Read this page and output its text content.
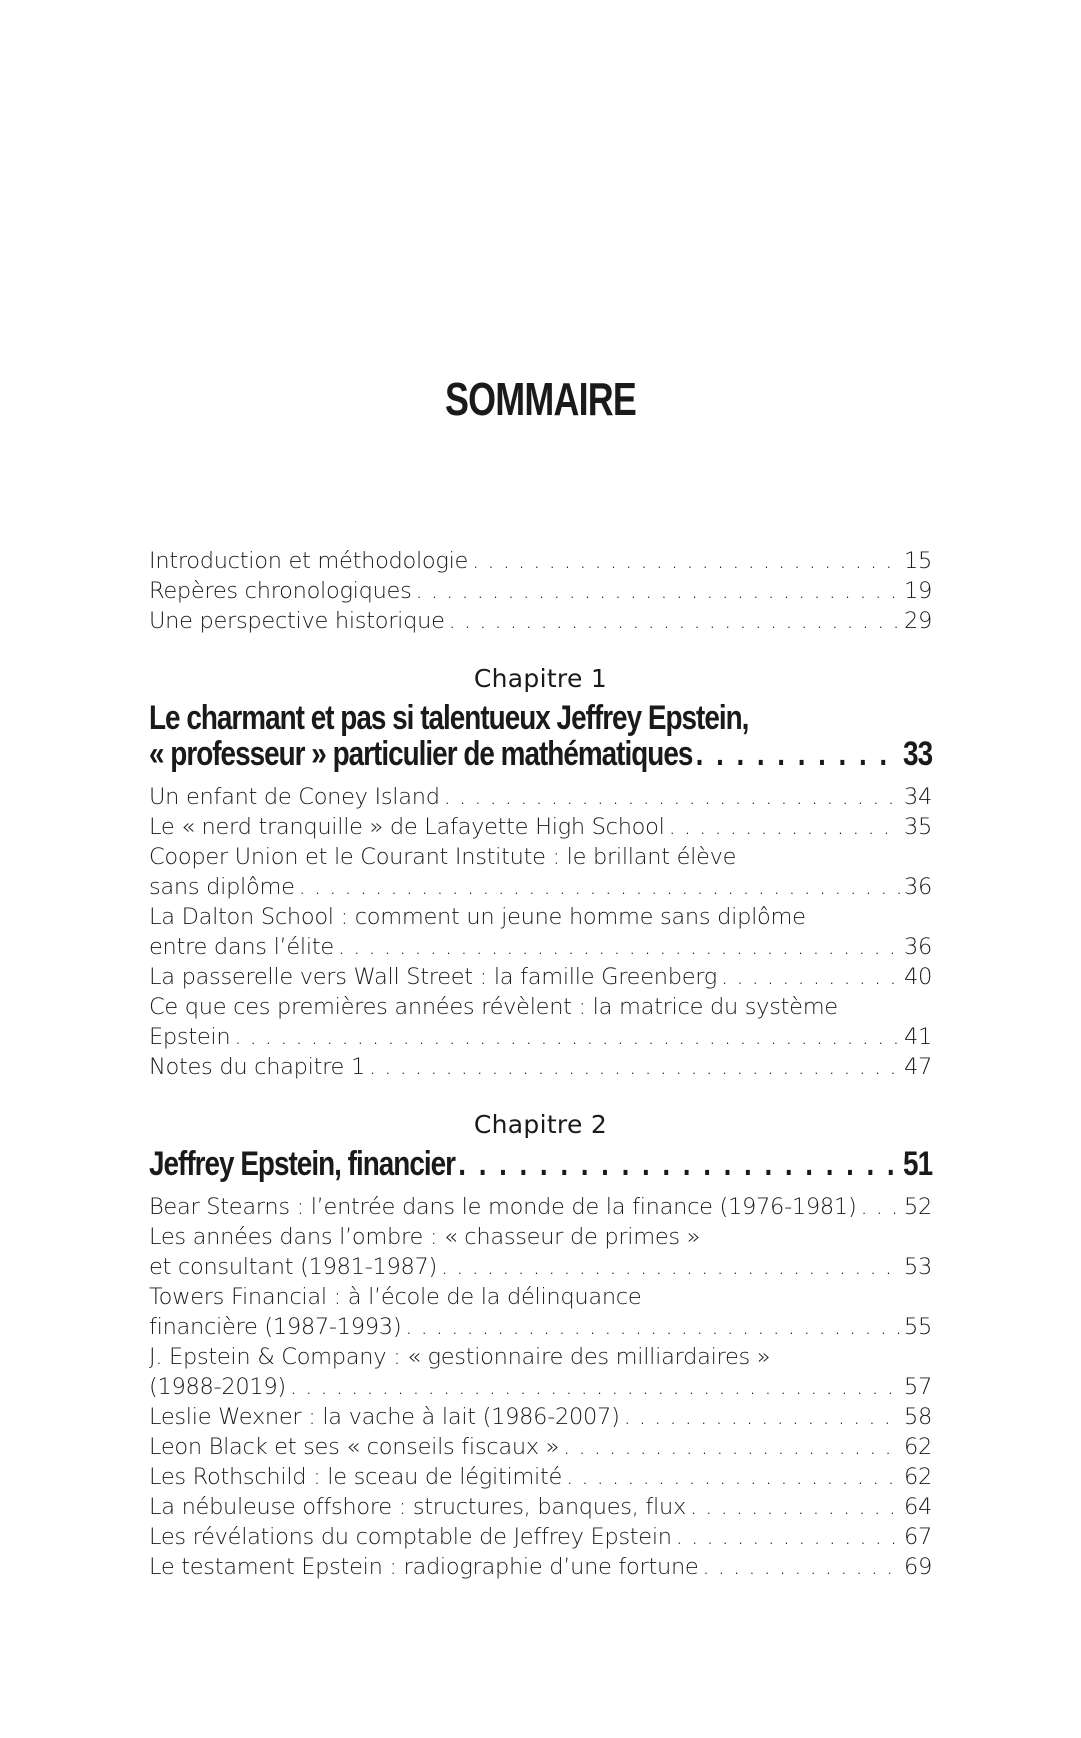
SOMMAIRE
Introduction et méthodologie . . .	15
Repères chronologiques . . .	19
Une perspective historique . . .	29
Chapitre 1
Le charmant et pas si talentueux Jeffrey Epstein,
« professeur » particulier de mathématiques . . .	33
Un enfant de Coney Island . . .	34
Le « nerd tranquille » de Lafayette High School . . .	35
Cooper Union et le Courant Institute : le brillant élève
sans diplôme . . .	36
La Dalton School : comment un jeune homme sans diplôme
entre dans l’élite . . .	36
La passerelle vers Wall Street : la famille Greenberg . . .	40
Ce que ces premières années révèlent : la matrice du système
Epstein . . .	41
Notes du chapitre 1 . . .	47
Chapitre 2
Jeffrey Epstein, financier . . .	51
Bear Stearns : l’entrée dans le monde de la finance (1976-1981) . . . 52
Les années dans l’ombre : « chasseur de primes »
et consultant (1981-1987) . . .	53
Towers Financial : à l’école de la délinquance
financière (1987-1993) . . .	55
J. Epstein & Company : « gestionnaire des milliardaires »
(1988-2019) . . .	57
Leslie Wexner : la vache à lait (1986-2007) . . .	58
Leon Black et ses « conseils fiscaux » . . .	62
Les Rothschild : le sceau de légitimité . . .	62
La nébuleuse offshore : structures, banques, flux . . .	64
Les révélations du comptable de Jeffrey Epstein . . .	67
Le testament Epstein : radiographie d’une fortune . . .	69
